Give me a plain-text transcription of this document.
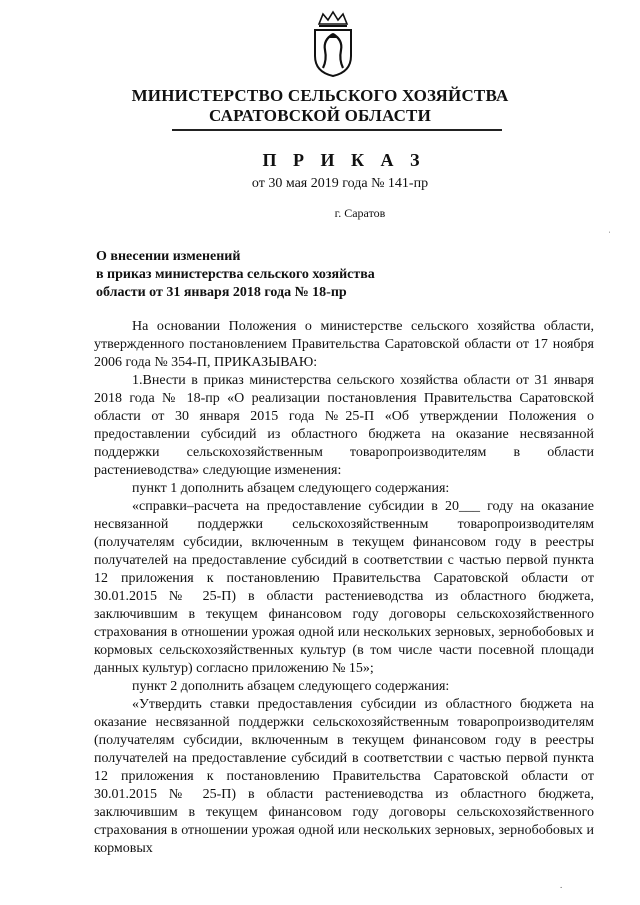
МИНИСТЕРСТВО СЕЛЬСКОГО ХОЗЯЙСТВА
САРАТОВСКОЙ ОБЛАСТИ
П Р И К А З
от 30 мая 2019 года № 141-пр
г. Саратов
О внесении изменений
в приказ министерства сельского хозяйства
области от 31 января 2018 года № 18-пр

На основании Положения о министерстве сельского хозяйства области, утвержденного постановлением Правительства Саратовской области от 17 ноября 2006 года № 354-П, ПРИКАЗЫВАЮ:

1.Внести в приказ министерства сельского хозяйства области от 31 января 2018 года № 18-пр «О реализации постановления Правительства Саратовской области от 30 января 2015 года №25-П «Об утверждении Положения о предоставлении субсидий из областного бюджета на оказание несвязанной поддержки сельскохозяйственным товаропроизводителям в области растениеводства» следующие изменения:

пункт 1 дополнить абзацем следующего содержания:

«справки–расчета на предоставление субсидии в 20___ году на оказание несвязанной поддержки сельскохозяйственным товаропроизводителям (получателям субсидии, включенным в текущем финансовом году в реестры получателей на предоставление субсидий в соответствии с частью первой пункта 12 приложения к постановлению Правительства Саратовской области от 30.01.2015 № 25-П) в области растениеводства из областного бюджета, заключившим в текущем финансовом году договоры сельскохозяйственного страхования в отношении урожая одной или нескольких зерновых, зернобобовых и кормовых сельскохозяйственных культур (в том числе части посевной площади данных культур) согласно приложению № 15»;

пункт 2 дополнить абзацем следующего содержания:

«Утвердить ставки предоставления субсидии из областного бюджета на оказание несвязанной поддержки сельскохозяйственным товаропроизводителям (получателям субсидии, включенным в текущем финансовом году в реестры получателей на предоставление субсидий в соответствии с частью первой пункта 12 приложения к постановлению Правительства Саратовской области от 30.01.2015 № 25-П) в области растениеводства из областного бюджета, заключившим в текущем финансовом году договоры сельскохозяйственного страхования в отношении урожая одной или нескольких зерновых, зернобобовых и кормовых

ˈ
.
